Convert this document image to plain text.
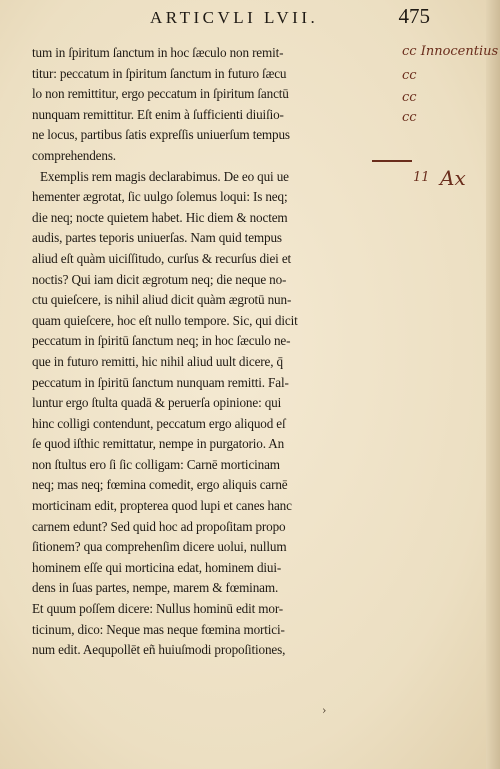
ARTICVLI LVII.	475
tum in ſpiritum ſanctum in hoc ſæculo non remit-
titur: peccatum in ſpiritum ſanctum in futuro ſæcu
lo non remittitur, ergo peccatum in ſpiritum ſanctū
nunquam remittitur. Eſt enim à ſufficienti diuiſio-
ne locus, partibus ſatis expreſſis uniuerſum tempus
comprehendens.
Exemplis rem magis declarabimus. De eo qui ue
hementer ægrotat, ſic uulgo ſolemus loqui: Is neq;
die neq; nocte quietem habet. Hic diem & noctem
audis, partes teporis uniuerſas. Nam quid tempus
aliud eſt quàm uiciſſitudo, curſus & recurſus diei et
noctis? Qui iam dicit ægrotum neq; die neque no-
ctu quieſcere, is nihil aliud dicit quàm ægrotū nun-
quam quieſcere, hoc eſt nullo tempore. Sic, qui dicit
peccatum in ſpiritū ſanctum neq; in hoc ſæculo ne-
que in futuro remitti, hic nihil aliud uult dicere, q̄
peccatum in ſpiritū ſanctum nunquam remitti. Fal-
luntur ergo ſtulta quadā & peruerſa opinione: qui
hinc colligi contendunt, peccatum ergo aliquod eſ
ſe quod iſthic remittatur, nempe in purgatorio. An
non ſtultus ero ſi ſic colligam: Carnē morticinam
neq; mas neq; fœmina comedit, ergo aliquis carnē
morticinam edit, propterea quod lupi et canes hanc
carnem edunt? Sed quid hoc ad propoſitam propo
ſitionem? qua comprehenſim dicere uolui, nullum
hominem eſſe qui morticina edat, hominem diui-
dens in ſuas partes, nempe, marem & fœminam.
Et quum poſſem dicere: Nullus hominū edit mor-
ticinum, dico: Neque mas neque fœmina mortici-
num edit. Aequpollēt eñ huiuſmodi propoſitiones,
cc Innocentius
cc
cc
cc
11 Ax
›
